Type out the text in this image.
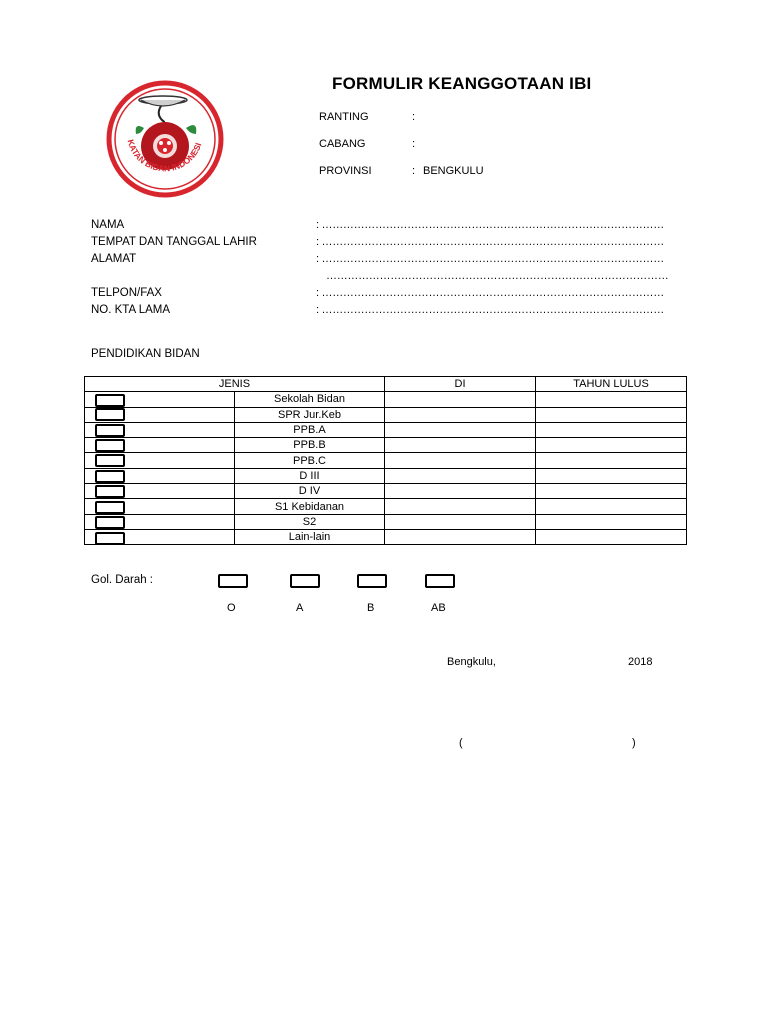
KATAN BIDAN INDONESI
FORMULIR KEANGGOTAAN IBI
RANTING	:
CABANG	:
PROVINSI	: BENGKULU
NAMA	: ……………………………………………………………………………………
TEMPAT DAN TANGGAL LAHIR	: ……………………………………………………………………………………
ALAMAT	: ……………………………………………………………………………………
……………………………………………………………………………………
TELPON/FAX	: ……………………………………………………………………………………
NO. KTA LAMA	: ……………………………………………………………………………………
PENDIDIKAN BIDAN
JENIS		DI	TAHUN LULUS
	Sekolah Bidan		
	SPR Jur.Keb		
	PPB.A		
	PPB.B		
	PPB.C		
	D III		
	D IV		
	S1 Kebidanan		
	S2		
	Lain-lain		
Gol. Darah :
O	A	B	AB
Bengkulu,	2018
(	)
